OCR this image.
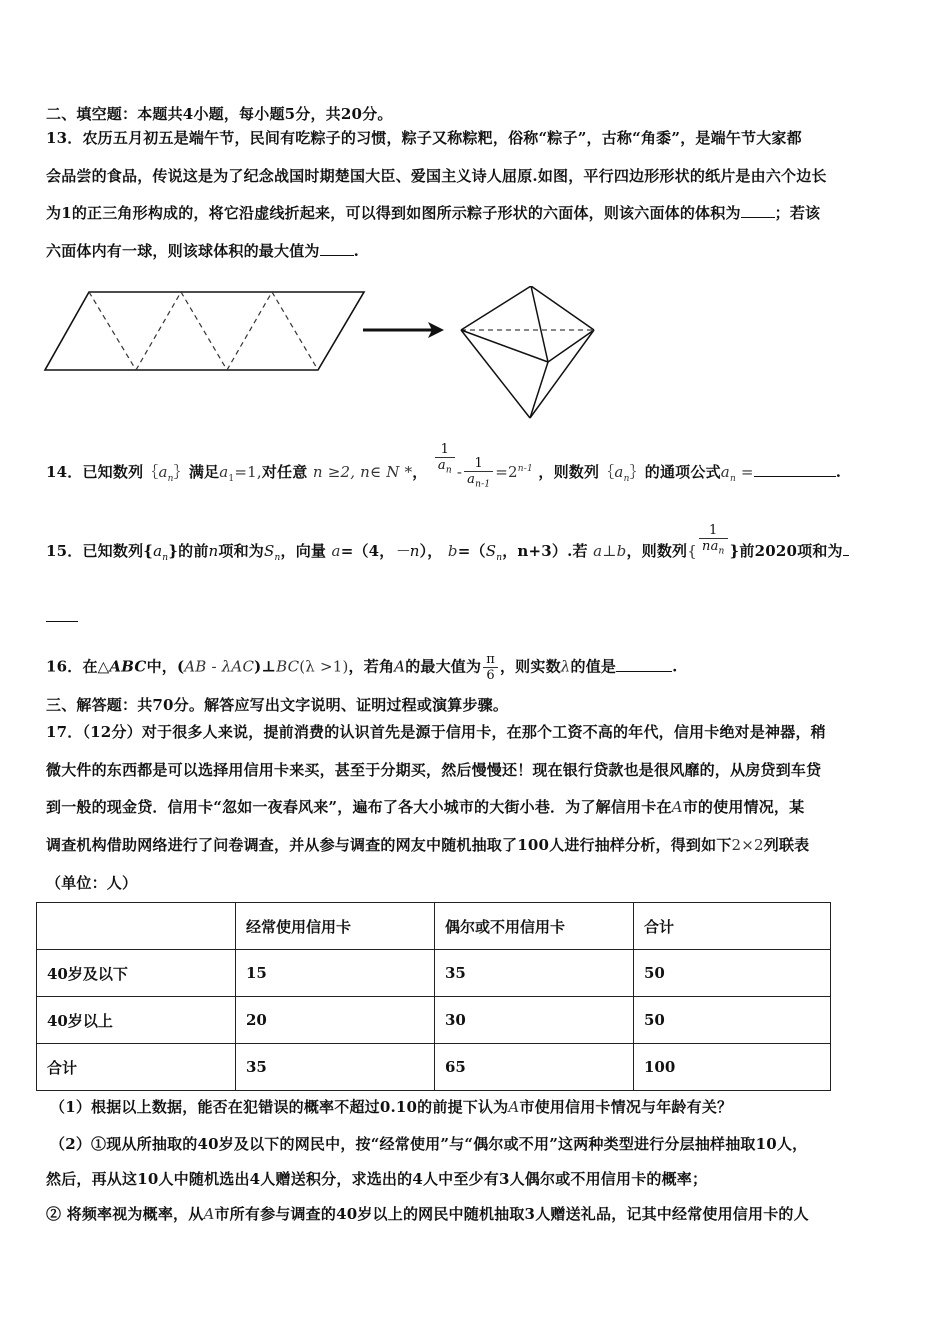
二、填空题：本题共4小题，每小题5分，共20分。
13．农历五月初五是端午节，民间有吃粽子的习惯，粽子又称粽粑，俗称“粽子”，古称“角黍”，是端午节大家都
会品尝的食品，传说这是为了纪念战国时期楚国大臣、爱国主义诗人屈原.如图，平行四边形形状的纸片是由六个边长
为1的正三角形构成的，将它沿虚线折起来，可以得到如图所示粽子形状的六面体，则该六面体的体积为 ；若该
六面体内有一球，则该球体积的最大值为 .
14．已知数列$\{a_n\}$满足$a_1=1$,对任意 n ≥2, n∈ N *， $\frac{1}{a_n} - \frac{1}{a_{n-1}} =2^{n-1}$ ，则数列$\{a_n\}$的通项公式$a_n$ =	.
15．已知数列$\{a_n\}$的前n项和为$S_n$，向量 a=（4，－n）， $b=(S_n$，n+3）.若 a⊥b，则数列{ $\frac{1}{na_n}$ }前2020项和为
16．在△ABC中，(AB - λAC)⊥BC(λ >1)，若角A的最大值为 $\frac{\pi}{6}$ ，则实数λ的值是	.
三、解答题：共70分。解答应写出文字说明、证明过程或演算步骤。
17．（12分）对于很多人来说，提前消费的认识首先是源于信用卡，在那个工资不高的年代，信用卡绝对是神器，稍
微大件的东西都是可以选择用信用卡来买，甚至于分期买，然后慢慢还！现在银行贷款也是很风靡的，从房贷到车贷
到一般的现金贷．信用卡“忽如一夜春风来”，遍布了各大小城市的大街小巷．为了解信用卡在A市的使用情况，某
调查机构借助网络进行了问卷调查，并从参与调查的网友中随机抽取了100人进行抽样分析，得到如下2×2列联表
（单位：人）
	经常使用信用卡	偶尔或不用信用卡	合计
40岁及以下	15	35	50
40岁以上	20	30	50
合计	35	65	100
（1）根据以上数据，能否在犯错误的概率不超过0.10的前提下认为A市使用信用卡情况与年龄有关？
（2）①现从所抽取的40岁及以下的网民中，按“经常使用”与“偶尔或不用”这两种类型进行分层抽样抽取10人，
然后，再从这10人中随机选出4人赠送积分，求选出的4人中至少有3人偶尔或不用信用卡的概率；
② 将频率视为概率，从A市所有参与调查的40岁以上的网民中随机抽取3人赠送礼品，记其中经常使用信用卡的人
